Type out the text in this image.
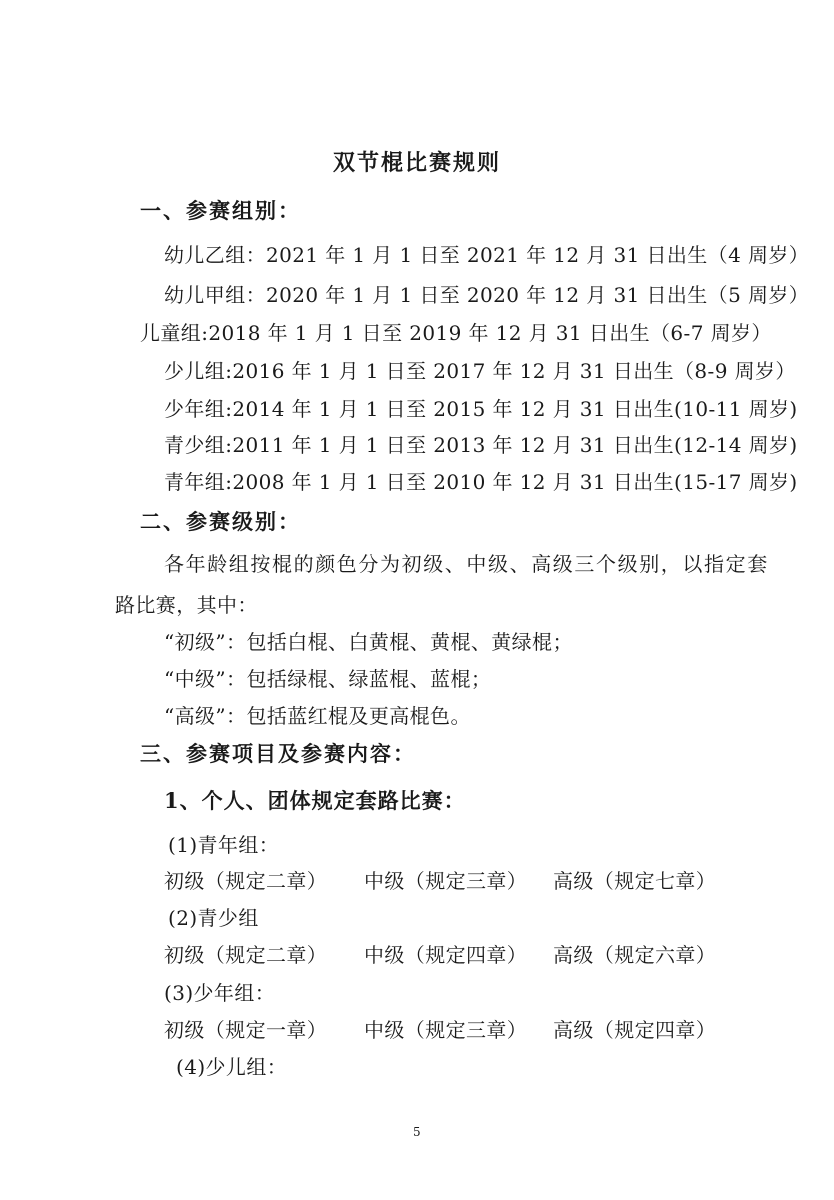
双节棍比赛规则
一、参赛组别：
幼儿乙组：2021 年 1 月 1 日至 2021 年 12 月 31 日出生（4 周岁）
幼儿甲组：2020 年 1 月 1 日至 2020 年 12 月 31 日出生（5 周岁）
儿童组:2018 年 1 月 1 日至 2019 年 12 月 31 日出生（6-7 周岁）
少儿组:2016 年 1 月 1 日至 2017 年 12 月 31 日出生（8-9 周岁）
少年组:2014 年 1 月 1 日至 2015 年 12 月 31 日出生(10-11 周岁)
青少组:2011 年 1 月 1 日至 2013 年 12 月 31 日出生(12-14 周岁)
青年组:2008 年 1 月 1 日至 2010 年 12 月 31 日出生(15-17 周岁)
二、参赛级别：
各年龄组按棍的颜色分为初级、中级、高级三个级别，以指定套
路比赛，其中：
“初级”：包括白棍、白黄棍、黄棍、黄绿棍；
“中级”：包括绿棍、绿蓝棍、蓝棍；
“高级”：包括蓝红棍及更高棍色。
三、参赛项目及参赛内容：
1、个人、团体规定套路比赛：
(1)青年组：
初级（规定二章） 中级（规定三章） 高级（规定七章）
(2)青少组
初级（规定二章） 中级（规定四章） 高级（规定六章）
(3)少年组：
初级（规定一章） 中级（规定三章） 高级（规定四章）
(4)少儿组：
5
